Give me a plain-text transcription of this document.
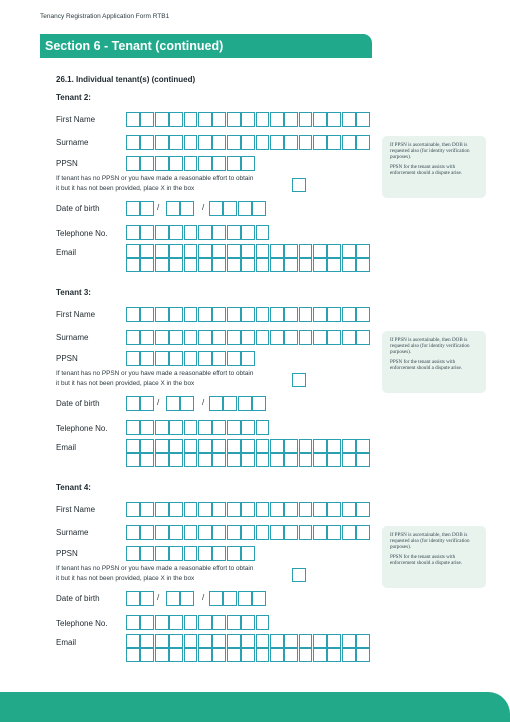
Tenancy Registration Application Form RTB1
Section 6 - Tenant (continued)
26.1. Individual tenant(s) (continued)
Tenant 2:
First Name
Surname
PPSN
If tenant has no PPSN or you have made a reasonable effort to obtain
it but it has not been provided, place X in the box
Date of birth	/	/
Telephone No.
Email

If PPSN is ascertainable, then DOB is requested also (for identity verification purposes).

PPSN for the tenant assists with enforcement should a dispute arise.

Tenant 3:
First Name
Surname
PPSN
If tenant has no PPSN or you have made a reasonable effort to obtain
it but it has not been provided, place X in the box
Date of birth	/	/
Telephone No.
Email

If PPSN is ascertainable, then DOB is requested also (for identity verification purposes).

PPSN for the tenant assists with enforcement should a dispute arise.

Tenant 4:
First Name
Surname
PPSN
If tenant has no PPSN or you have made a reasonable effort to obtain
it but it has not been provided, place X in the box
Date of birth	/	/
Telephone No.
Email

If PPSN is ascertainable, then DOB is requested also (for identity verification purposes).

PPSN for the tenant assists with enforcement should a dispute arise.
